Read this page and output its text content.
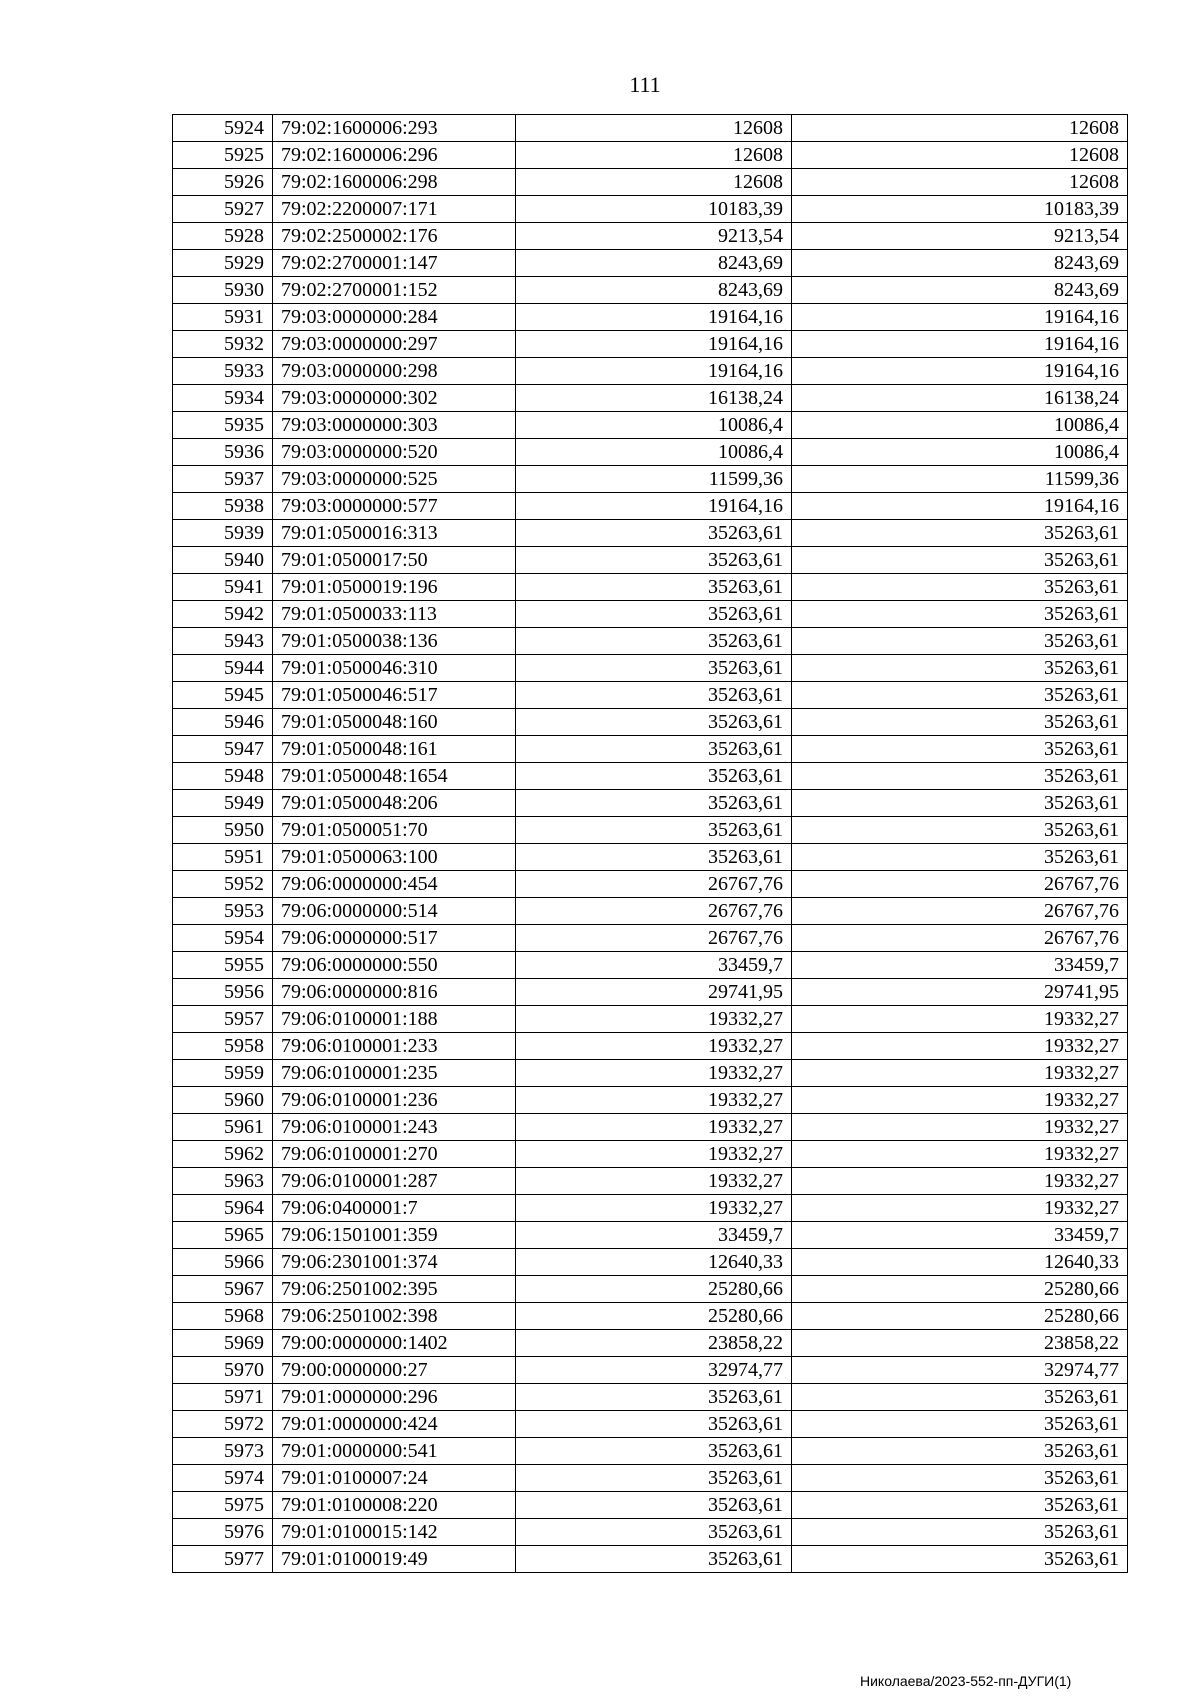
111
5924	79:02:1600006:293	12608	12608
5925	79:02:1600006:296	12608	12608
5926	79:02:1600006:298	12608	12608
5927	79:02:2200007:171	10183,39	10183,39
5928	79:02:2500002:176	9213,54	9213,54
5929	79:02:2700001:147	8243,69	8243,69
5930	79:02:2700001:152	8243,69	8243,69
5931	79:03:0000000:284	19164,16	19164,16
5932	79:03:0000000:297	19164,16	19164,16
5933	79:03:0000000:298	19164,16	19164,16
5934	79:03:0000000:302	16138,24	16138,24
5935	79:03:0000000:303	10086,4	10086,4
5936	79:03:0000000:520	10086,4	10086,4
5937	79:03:0000000:525	11599,36	11599,36
5938	79:03:0000000:577	19164,16	19164,16
5939	79:01:0500016:313	35263,61	35263,61
5940	79:01:0500017:50	35263,61	35263,61
5941	79:01:0500019:196	35263,61	35263,61
5942	79:01:0500033:113	35263,61	35263,61
5943	79:01:0500038:136	35263,61	35263,61
5944	79:01:0500046:310	35263,61	35263,61
5945	79:01:0500046:517	35263,61	35263,61
5946	79:01:0500048:160	35263,61	35263,61
5947	79:01:0500048:161	35263,61	35263,61
5948	79:01:0500048:1654	35263,61	35263,61
5949	79:01:0500048:206	35263,61	35263,61
5950	79:01:0500051:70	35263,61	35263,61
5951	79:01:0500063:100	35263,61	35263,61
5952	79:06:0000000:454	26767,76	26767,76
5953	79:06:0000000:514	26767,76	26767,76
5954	79:06:0000000:517	26767,76	26767,76
5955	79:06:0000000:550	33459,7	33459,7
5956	79:06:0000000:816	29741,95	29741,95
5957	79:06:0100001:188	19332,27	19332,27
5958	79:06:0100001:233	19332,27	19332,27
5959	79:06:0100001:235	19332,27	19332,27
5960	79:06:0100001:236	19332,27	19332,27
5961	79:06:0100001:243	19332,27	19332,27
5962	79:06:0100001:270	19332,27	19332,27
5963	79:06:0100001:287	19332,27	19332,27
5964	79:06:0400001:7	19332,27	19332,27
5965	79:06:1501001:359	33459,7	33459,7
5966	79:06:2301001:374	12640,33	12640,33
5967	79:06:2501002:395	25280,66	25280,66
5968	79:06:2501002:398	25280,66	25280,66
5969	79:00:0000000:1402	23858,22	23858,22
5970	79:00:0000000:27	32974,77	32974,77
5971	79:01:0000000:296	35263,61	35263,61
5972	79:01:0000000:424	35263,61	35263,61
5973	79:01:0000000:541	35263,61	35263,61
5974	79:01:0100007:24	35263,61	35263,61
5975	79:01:0100008:220	35263,61	35263,61
5976	79:01:0100015:142	35263,61	35263,61
5977	79:01:0100019:49	35263,61	35263,61
Николаева/2023-552-пп-ДУГИ(1)
